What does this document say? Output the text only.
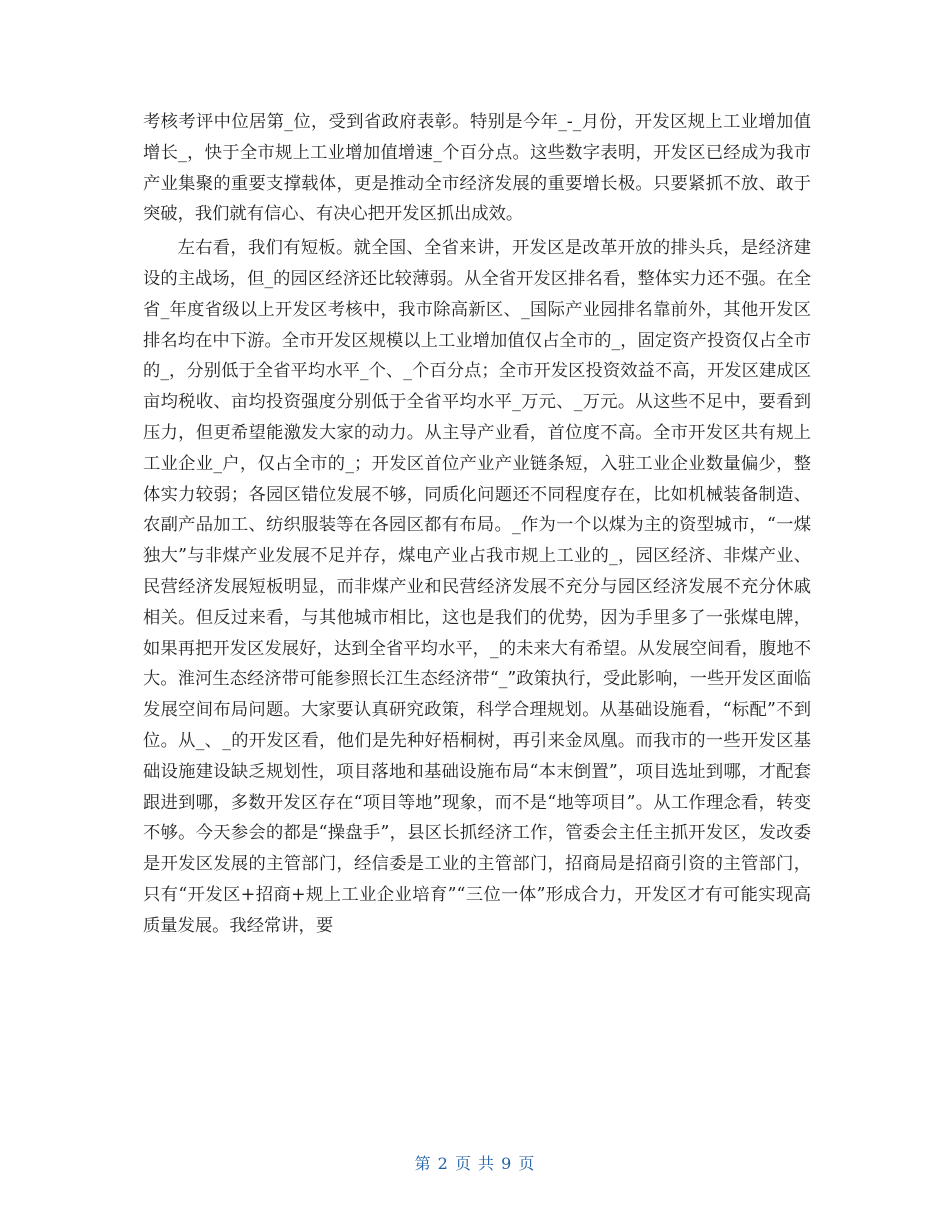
考核考评中位居第_位，受到省政府表彰。特别是今年_-_月份，开发区规上工业增加值增长_，快于全市规上工业增加值增速_个百分点。这些数字表明，开发区已经成为我市产业集聚的重要支撑载体，更是推动全市经济发展的重要增长极。只要紧抓不放、敢于突破，我们就有信心、有决心把开发区抓出成效。

左右看，我们有短板。就全国、全省来讲，开发区是改革开放的排头兵，是经济建设的主战场，但_的园区经济还比较薄弱。从全省开发区排名看，整体实力还不强。在全省_年度省级以上开发区考核中，我市除高新区、_国际产业园排名靠前外，其他开发区排名均在中下游。全市开发区规模以上工业增加值仅占全市的_，固定资产投资仅占全市的_，分别低于全省平均水平_个、_个百分点；全市开发区投资效益不高，开发区建成区亩均税收、亩均投资强度分别低于全省平均水平_万元、_万元。从这些不足中，要看到压力，但更希望能激发大家的动力。从主导产业看，首位度不高。全市开发区共有规上工业企业_户，仅占全市的_；开发区首位产业产业链条短，入驻工业企业数量偏少，整体实力较弱；各园区错位发展不够，同质化问题还不同程度存在，比如机械装备制造、农副产品加工、纺织服装等在各园区都有布局。_作为一个以煤为主的资型城市，“一煤独大”与非煤产业发展不足并存，煤电产业占我市规上工业的_，园区经济、非煤产业、民营经济发展短板明显，而非煤产业和民营经济发展不充分与园区经济发展不充分休戚相关。但反过来看，与其他城市相比，这也是我们的优势，因为手里多了一张煤电牌，如果再把开发区发展好，达到全省平均水平，_的未来大有希望。从发展空间看，腹地不大。淮河生态经济带可能参照长江生态经济带“_”政策执行，受此影响，一些开发区面临发展空间布局问题。大家要认真研究政策，科学合理规划。从基础设施看，“标配”不到位。从_、_的开发区看，他们是先种好梧桐树，再引来金凤凰。而我市的一些开发区基础设施建设缺乏规划性，项目落地和基础设施布局“本末倒置”，项目选址到哪，才配套跟进到哪，多数开发区存在“项目等地”现象，而不是“地等项目”。从工作理念看，转变不够。今天参会的都是“操盘手”，县区长抓经济工作，管委会主任主抓开发区，发改委是开发区发展的主管部门，经信委是工业的主管部门，招商局是招商引资的主管部门，只有“开发区+招商+规上工业企业培育”“三位一体”形成合力，开发区才有可能实现高质量发展。我经常讲，要

第 2 页 共 9 页
